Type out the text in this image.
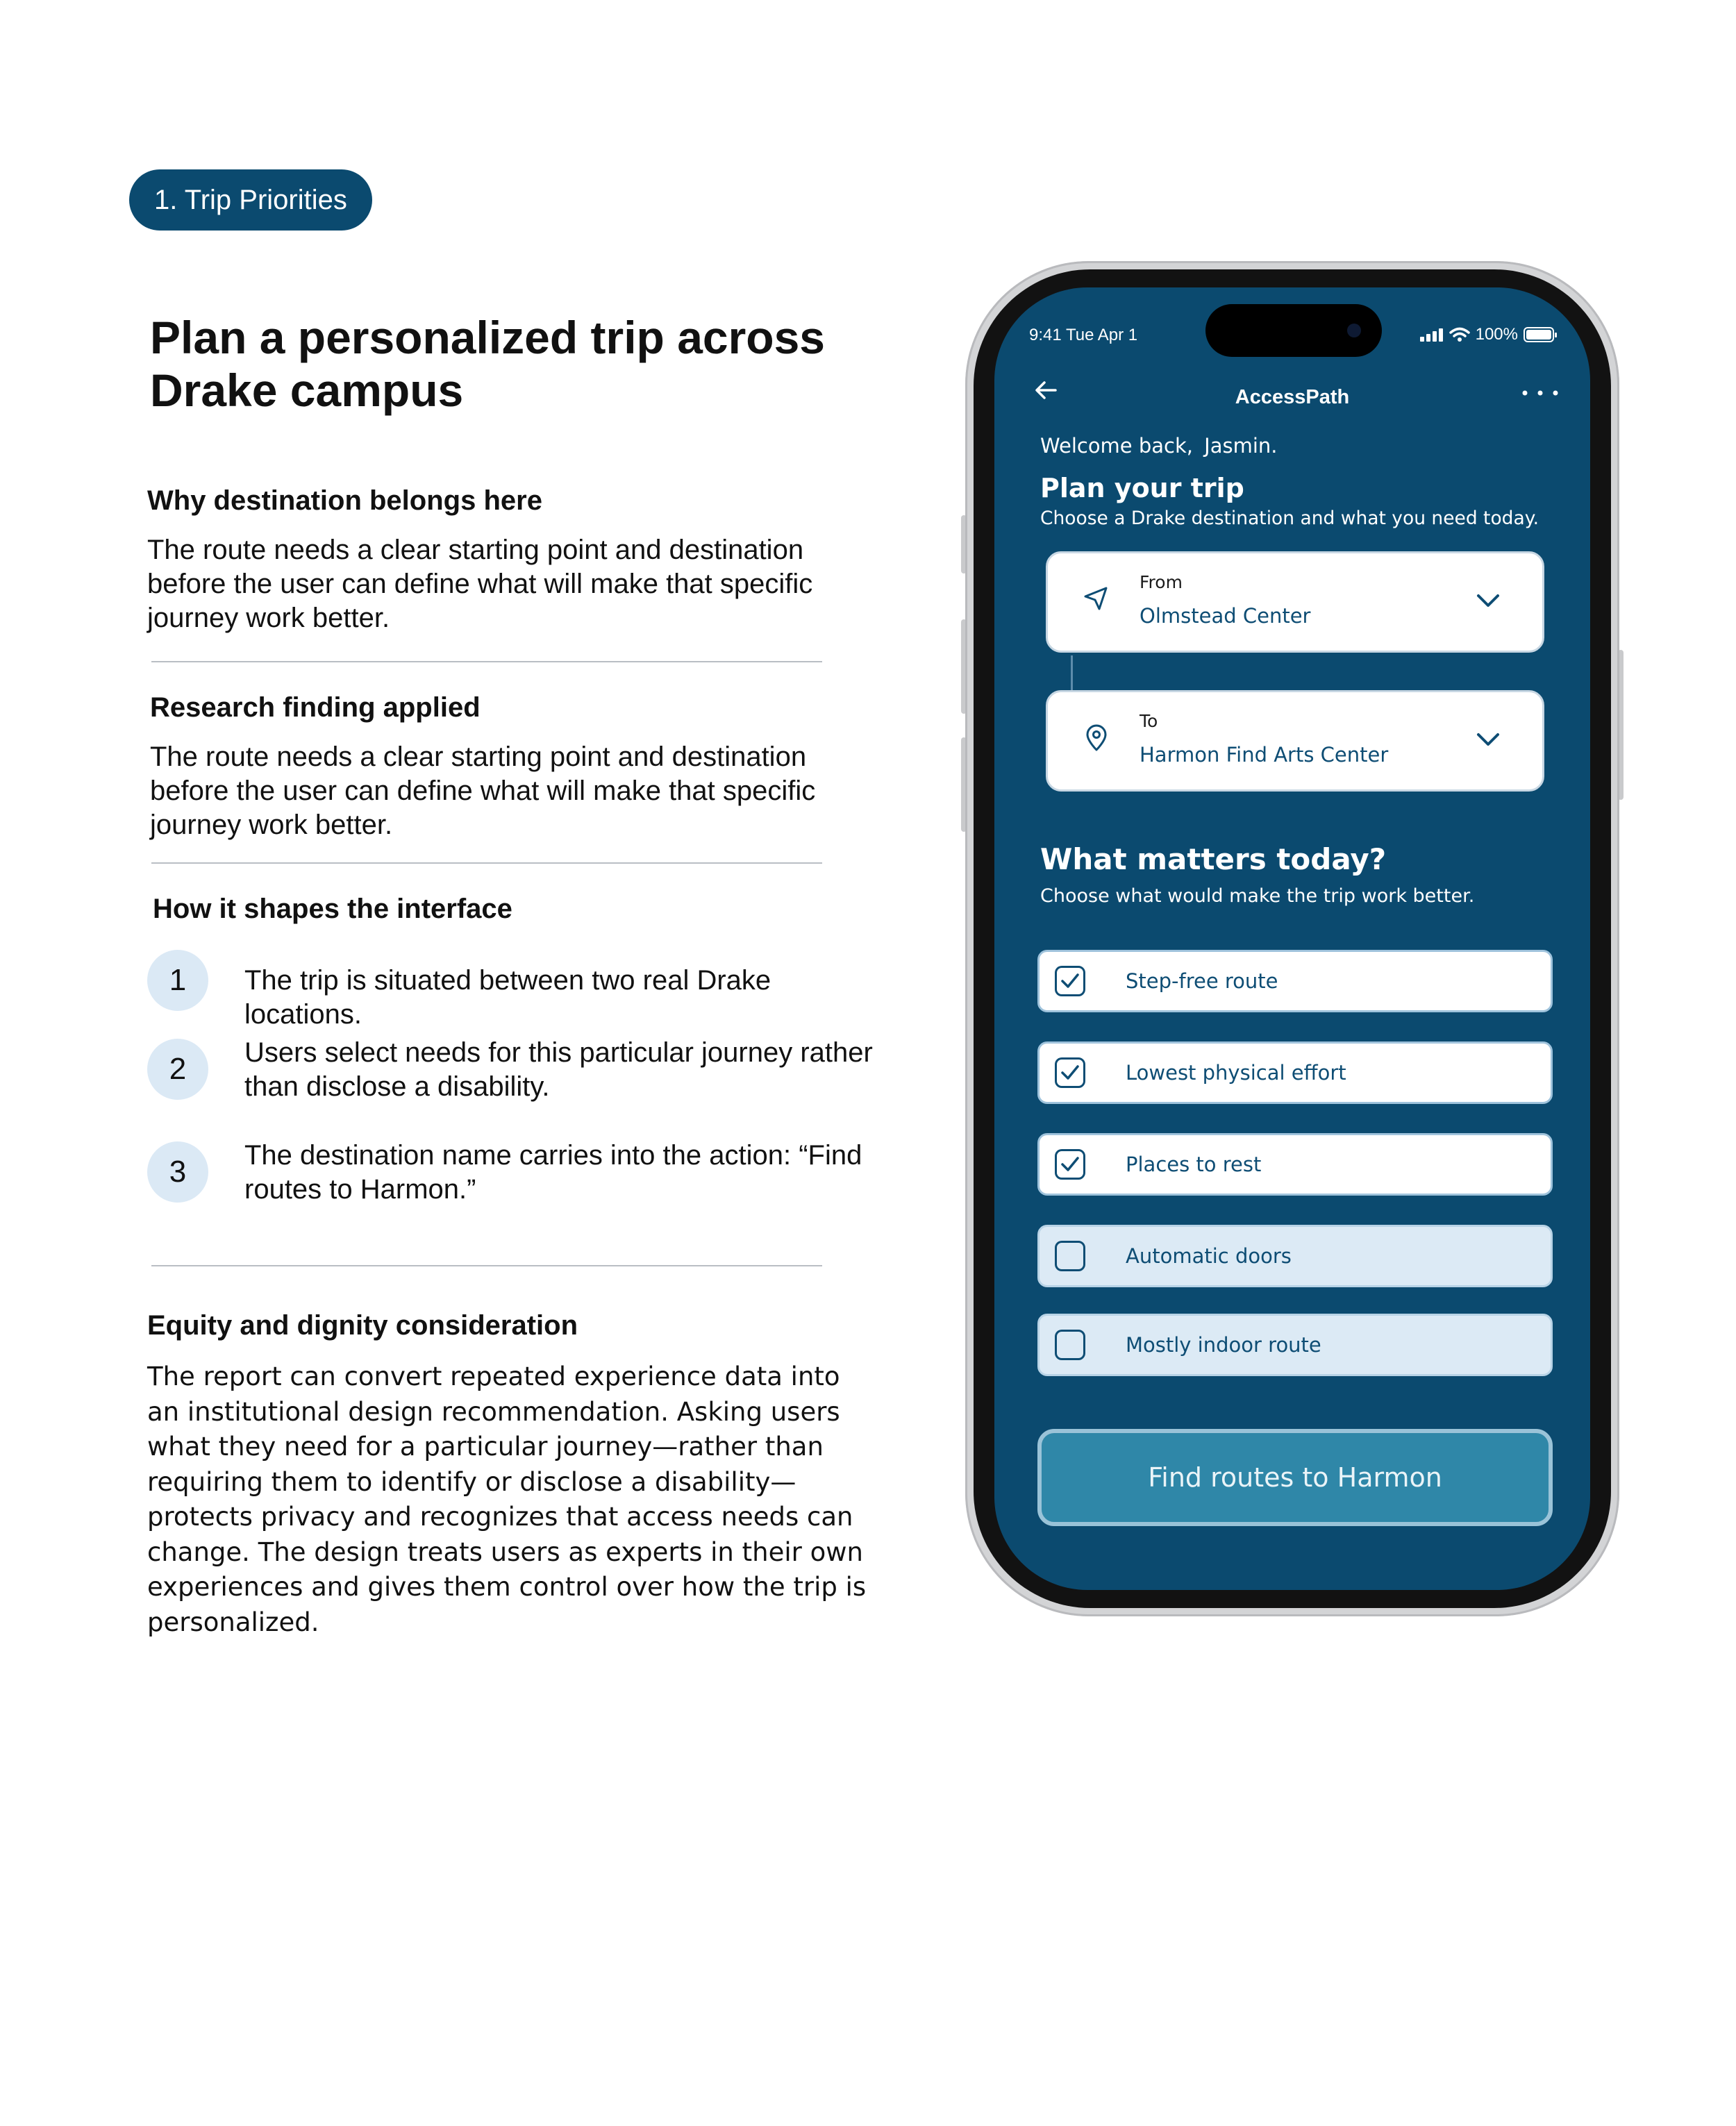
1. Trip Priorities
Plan a personalized trip across Drake campus
Why destination belongs here
The route needs a clear starting point and destination before the user can define what will make that specific journey work better.
Research finding applied
The route needs a clear starting point and destination before the user can define what will make that specific journey work better.
How it shapes the interface
1	The trip is situated between two real Drake locations.
2	Users select needs for this particular journey rather than disclose a disability.
3	The destination name carries into the action: “Find routes to Harmon.”
Equity and dignity consideration
The report can convert repeated experience data into an institutional design recommendation. Asking users what they need for a particular journey—rather than requiring them to identify or disclose a disability—protects privacy and recognizes that access needs can change. The design treats users as experts in their own experiences and gives them control over how the trip is personalized.
9:41 Tue Apr 1	100%
AccessPath
Welcome back, Jasmin.
Plan your trip
Choose a Drake destination and what you need today.
From
Olmstead Center
To
Harmon Find Arts Center
What matters today?
Choose what would make the trip work better.
Step-free route
Lowest physical effort
Places to rest
Automatic doors
Mostly indoor route
Find routes to Harmon
